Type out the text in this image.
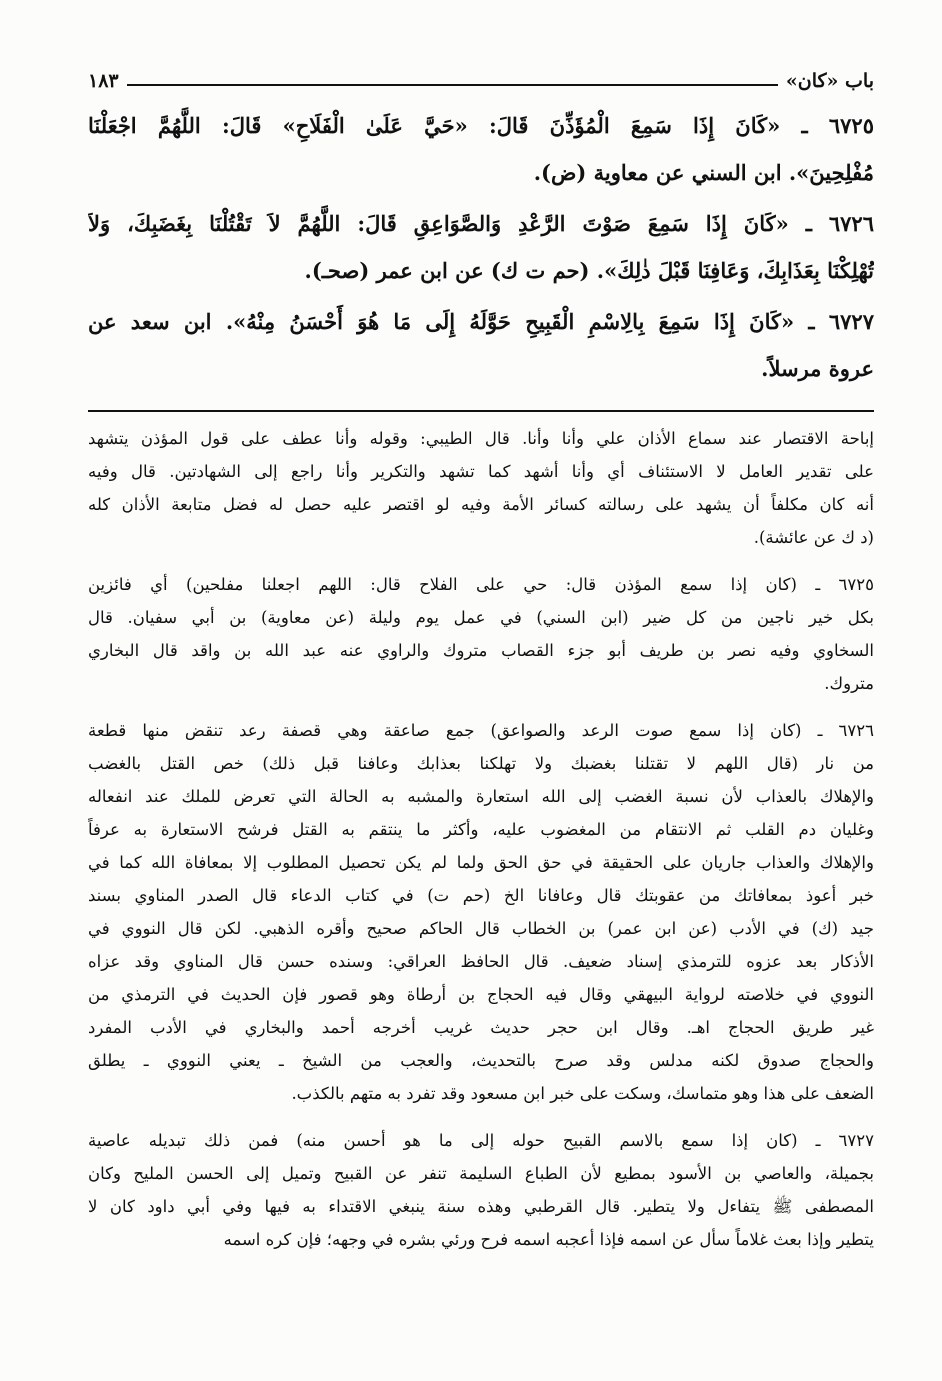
باب «كان»
١٨٣
٦٧٢٥ ـ «كَانَ إِذَا سَمِعَ الْمُؤَذِّنَ قَالَ: «حَيَّ عَلَىٰ الْفَلَاحِ» قَالَ: اللَّهُمَّ اجْعَلْنَا
مُفْلِحِينَ». ابن السني عن معاوية (ض).
٦٧٢٦ ـ «كَانَ إِذَا سَمِعَ صَوْتَ الرَّعْدِ وَالصَّوَاعِقِ قَالَ: اللَّهُمَّ لاَ تَقْتُلْنَا بِغَضَبِكَ، وَلاَ
تُهْلِكْنَا بِعَذَابِكَ، وَعَافِنَا قَبْلَ ذٰلِكَ». (حم ت ك) عن ابن عمر (صحـ).
٦٧٢٧ ـ «كَانَ إِذَا سَمِعَ بِالِاسْمِ الْقَبِيحِ حَوَّلَهُ إِلَى مَا هُوَ أَحْسَنُ مِنْهُ». ابن سعد عن
عروة مرسلاً.
إباحة الاقتصار عند سماع الأذان علي وأنا وأنا. قال الطيبي: وقوله وأنا عطف على قول المؤذن يتشهد
على تقدير العامل لا الاستئناف أي وأنا أشهد كما تشهد والتكرير وأنا راجع إلى الشهادتين. قال وفيه
أنه كان مكلفاً أن يشهد على رسالته كسائر الأمة وفيه لو اقتصر عليه حصل له فضل متابعة الأذان كله
(د ك عن عائشة).
٦٧٢٥ ـ (كان إذا سمع المؤذن قال: حي على الفلاح قال: اللهم اجعلنا مفلحين) أي فائزين
بكل خير ناجين من كل ضير (ابن السني) في عمل يوم وليلة (عن معاوية) بن أبي سفيان. قال
السخاوي وفيه نصر بن طريف أبو جزء القصاب متروك والراوي عنه عبد الله بن واقد قال البخاري
متروك.
٦٧٢٦ ـ (كان إذا سمع صوت الرعد والصواعق) جمع صاعقة وهي قصفة رعد تنقض منها قطعة
من نار (قال اللهم لا تقتلنا بغضبك ولا تهلكنا بعذابك وعافنا قبل ذلك) خص القتل بالغضب
والإهلاك بالعذاب لأن نسبة الغضب إلى الله استعارة والمشبه به الحالة التي تعرض للملك عند انفعاله
وغليان دم القلب ثم الانتقام من المغضوب عليه، وأكثر ما ينتقم به القتل فرشح الاستعارة به عرفاً
والإهلاك والعذاب جاريان على الحقيقة في حق الحق ولما لم يكن تحصيل المطلوب إلا بمعافاة الله كما في
خبر أعوذ بمعافاتك من عقوبتك قال وعافانا الخ (حم ت) في كتاب الدعاء قال الصدر المناوي بسند
جيد (ك) في الأدب (عن ابن عمر) بن الخطاب قال الحاكم صحيح وأقره الذهبي. لكن قال النووي في
الأذكار بعد عزوه للترمذي إسناد ضعيف. قال الحافظ العراقي: وسنده حسن قال المناوي وقد عزاه
النووي في خلاصته لرواية البيهقي وقال فيه الحجاج بن أرطاة وهو قصور فإن الحديث في الترمذي من
غير طريق الحجاج اهـ. وقال ابن حجر حديث غريب أخرجه أحمد والبخاري في الأدب المفرد
والحجاج صدوق لكنه مدلس وقد صرح بالتحديث، والعجب من الشيخ ـ يعني النووي ـ يطلق
الضعف على هذا وهو متماسك، وسكت على خبر ابن مسعود وقد تفرد به متهم بالكذب.
٦٧٢٧ ـ (كان إذا سمع بالاسم القبيح حوله إلى ما هو أحسن منه) فمن ذلك تبديله عاصية
بجميلة، والعاصي بن الأسود بمطيع لأن الطباع السليمة تنفر عن القبيح وتميل إلى الحسن المليح وكان
المصطفى ﷺ يتفاءل ولا يتطير. قال القرطبي وهذه سنة ينبغي الاقتداء به فيها وفي أبي داود كان لا
يتطير وإذا بعث غلاماً سأل عن اسمه فإذا أعجبه اسمه فرح ورئي بشره في وجهه؛ فإن كره اسمه
